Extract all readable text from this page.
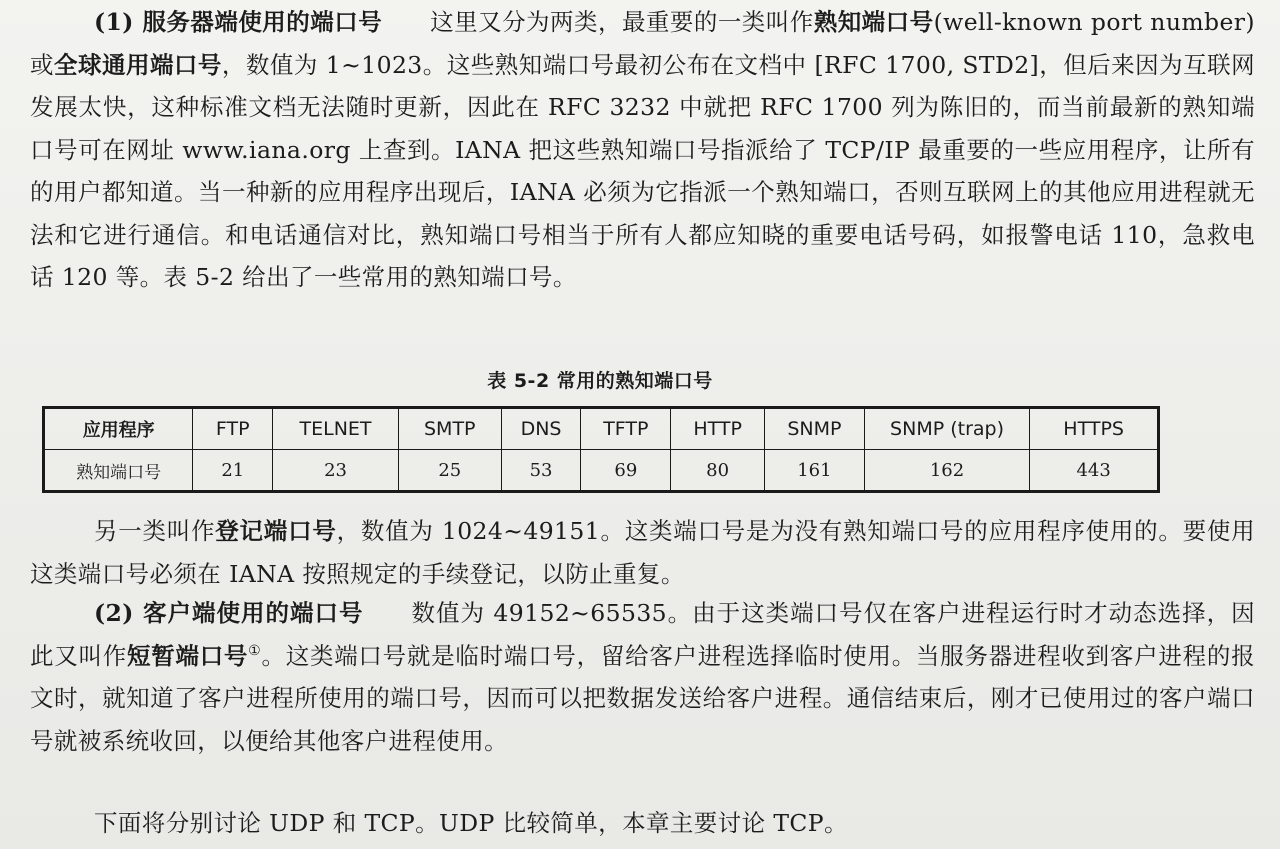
(1) 服务器端使用的端口号 这里又分为两类，最重要的一类叫作熟知端口号(well-known port number)或全球通用端口号，数值为 1~1023。这些熟知端口号最初公布在文档中 [RFC 1700, STD2]，但后来因为互联网发展太快，这种标准文档无法随时更新，因此在 RFC 3232 中就把 RFC 1700 列为陈旧的，而当前最新的熟知端口号可在网址 www.iana.org 上查到。IANA 把这些熟知端口号指派给了 TCP/IP 最重要的一些应用程序，让所有的用户都知道。当一种新的应用程序出现后，IANA 必须为它指派一个熟知端口，否则互联网上的其他应用进程就无法和它进行通信。和电话通信对比，熟知端口号相当于所有人都应知晓的重要电话号码，如报警电话 110，急救电话 120 等。表 5-2 给出了一些常用的熟知端口号。

表 5-2 常用的熟知端口号
应用程序	FTP	TELNET	SMTP	DNS	TFTP	HTTP	SNMP	SNMP (trap)	HTTPS
熟知端口号	21	23	25	53	69	80	161	162	443

另一类叫作登记端口号，数值为 1024~49151。这类端口号是为没有熟知端口号的应用程序使用的。要使用这类端口号必须在 IANA 按照规定的手续登记，以防止重复。

(2) 客户端使用的端口号 数值为 49152~65535。由于这类端口号仅在客户进程运行时才动态选择，因此又叫作短暂端口号①。这类端口号就是临时端口号，留给客户进程选择临时使用。当服务器进程收到客户进程的报文时，就知道了客户进程所使用的端口号，因而可以把数据发送给客户进程。通信结束后，刚才已使用过的客户端口号就被系统收回，以便给其他客户进程使用。

下面将分别讨论 UDP 和 TCP。UDP 比较简单，本章主要讨论 TCP。
